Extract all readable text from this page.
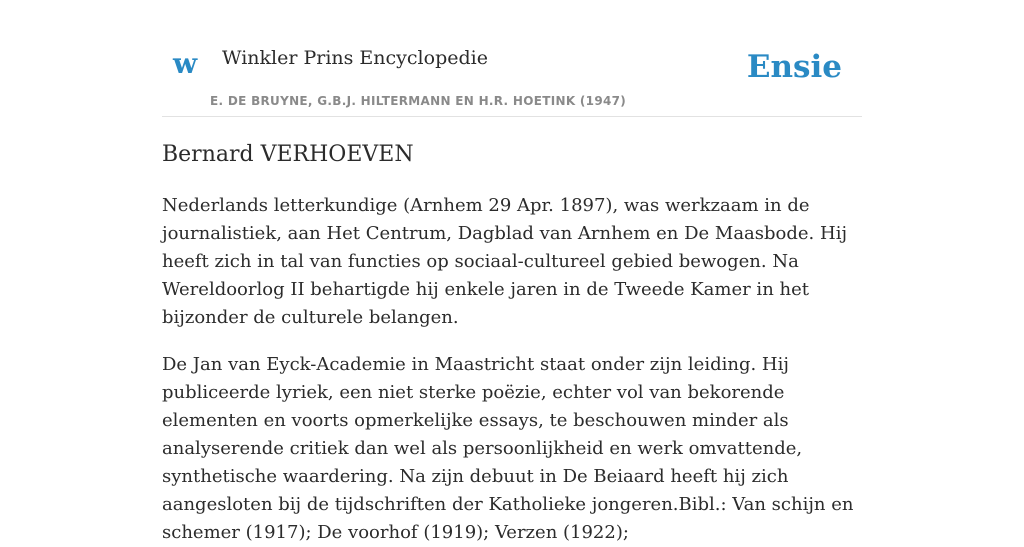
w Winkler Prins Encyclopedie
E. DE BRUYNE, G.B.J. HILTERMANN EN H.R. HOETINK (1947)
Ensie
Bernard VERHOEVEN

Nederlands letterkundige (Arnhem 29 Apr. 1897), was werkzaam in de journalistiek, aan Het Centrum, Dagblad van Arnhem en De Maasbode. Hij heeft zich in tal van functies op sociaal-cultureel gebied bewogen. Na Wereldoorlog II behartigde hij enkele jaren in de Tweede Kamer in het bijzonder de culturele belangen.

De Jan van Eyck-Academie in Maastricht staat onder zijn leiding. Hij publiceerde lyriek, een niet sterke poëzie, echter vol van bekorende elementen en voorts opmerkelijke essays, te beschouwen minder als analyserende critiek dan wel als persoonlijkheid en werk omvattende, synthetische waardering. Na zijn debuut in De Beiaard heeft hij zich aangesloten bij de tijdschriften der Katholieke jongeren.Bibl.: Van schijn en schemer (1917); De voorhof (1919); Verzen (1922);
